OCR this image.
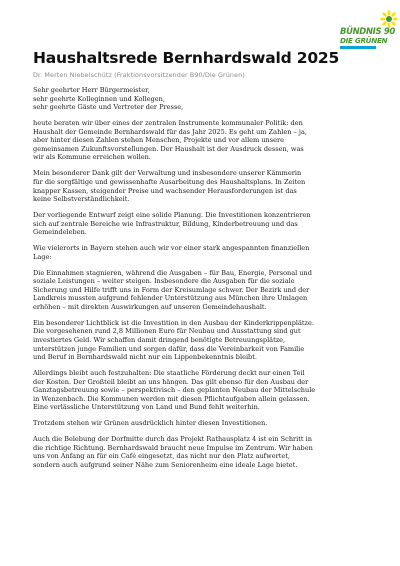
BÜNDNIS 90
DIE GRÜNEN
Haushaltsrede Bernhardswald 2025
Dr. Merten Niebelschütz (Fraktionsvorsitzender B90/Die Grünen)
Sehr geehrter Herr Bürgermeister,
sehr geehrte Kolleginnen und Kollegen,
sehr geehrte Gäste und Vertreter der Presse,
heute beraten wir über eines der zentralen Instrumente kommunaler Politik: den
Haushalt der Gemeinde Bernhardswald für das Jahr 2025. Es geht um Zahlen – ja,
aber hinter diesen Zahlen stehen Menschen, Projekte und vor allem unsere
gemeinsamen Zukunftsvorstellungen. Der Haushalt ist der Ausdruck dessen, was
wir als Kommune erreichen wollen.
Mein besonderer Dank gilt der Verwaltung und insbesondere unserer Kämmerin
für die sorgfältige und gewissenhafte Ausarbeitung des Haushaltsplans. In Zeiten
knapper Kassen, steigender Preise und wachsender Herausforderungen ist das
keine Selbstverständlichkeit.
Der vorliegende Entwurf zeigt eine solide Planung. Die Investitionen konzentrieren
sich auf zentrale Bereiche wie Infrastruktur, Bildung, Kinderbetreuung und das
Gemeindeleben.
Wie vielerorts in Bayern stehen auch wir vor einer stark angespannten finanziellen
Lage:
Die Einnahmen stagnieren, während die Ausgaben – für Bau, Energie, Personal und
soziale Leistungen – weiter steigen. Insbesondere die Ausgaben für die soziale
Sicherung und Hilfe trifft uns in Form der Kreisumlage schwer. Der Bezirk und der
Landkreis mussten aufgrund fehlender Unterstützung aus München ihre Umlagen
erhöhen – mit direkten Auswirkungen auf unseren Gemeindehaushalt.
Ein besonderer Lichtblick ist die Investition in den Ausbau der Kinderkrippenplätze.
Die vorgesehenen rund 2,8 Millionen Euro für Neubau und Ausstattung sind gut
investiertes Geld. Wir schaffen damit dringend benötigte Betreuungsplätze,
unterstützen junge Familien und sorgen dafür, dass die Vereinbarkeit von Familie
und Beruf in Bernhardswald nicht nur ein Lippenbekenntnis bleibt.
Allerdings bleibt auch festzuhalten: Die staatliche Förderung deckt nur einen Teil
der Kosten. Der Großteil bleibt an uns hängen. Das gilt ebenso für den Ausbau der
Ganztagsbetreuung sowie – perspektivisch – den geplanten Neubau der Mittelschule
in Wenzenbach. Die Kommunen werden mit diesen Pflichtaufgaben allein gelassen.
Eine verlässliche Unterstützung von Land und Bund fehlt weiterhin.
Trotzdem stehen wir Grünen ausdrücklich hinter diesen Investitionen.
Auch die Belebung der Dorfmitte durch das Projekt Rathausplatz 4 ist ein Schritt in
die richtige Richtung. Bernhardswald braucht neue Impulse im Zentrum. Wir haben
uns von Anfang an für ein Café eingesetzt, das nicht nur den Platz aufwertet,
sondern auch aufgrund seiner Nähe zum Seniorenheim eine ideale Lage bietet.
